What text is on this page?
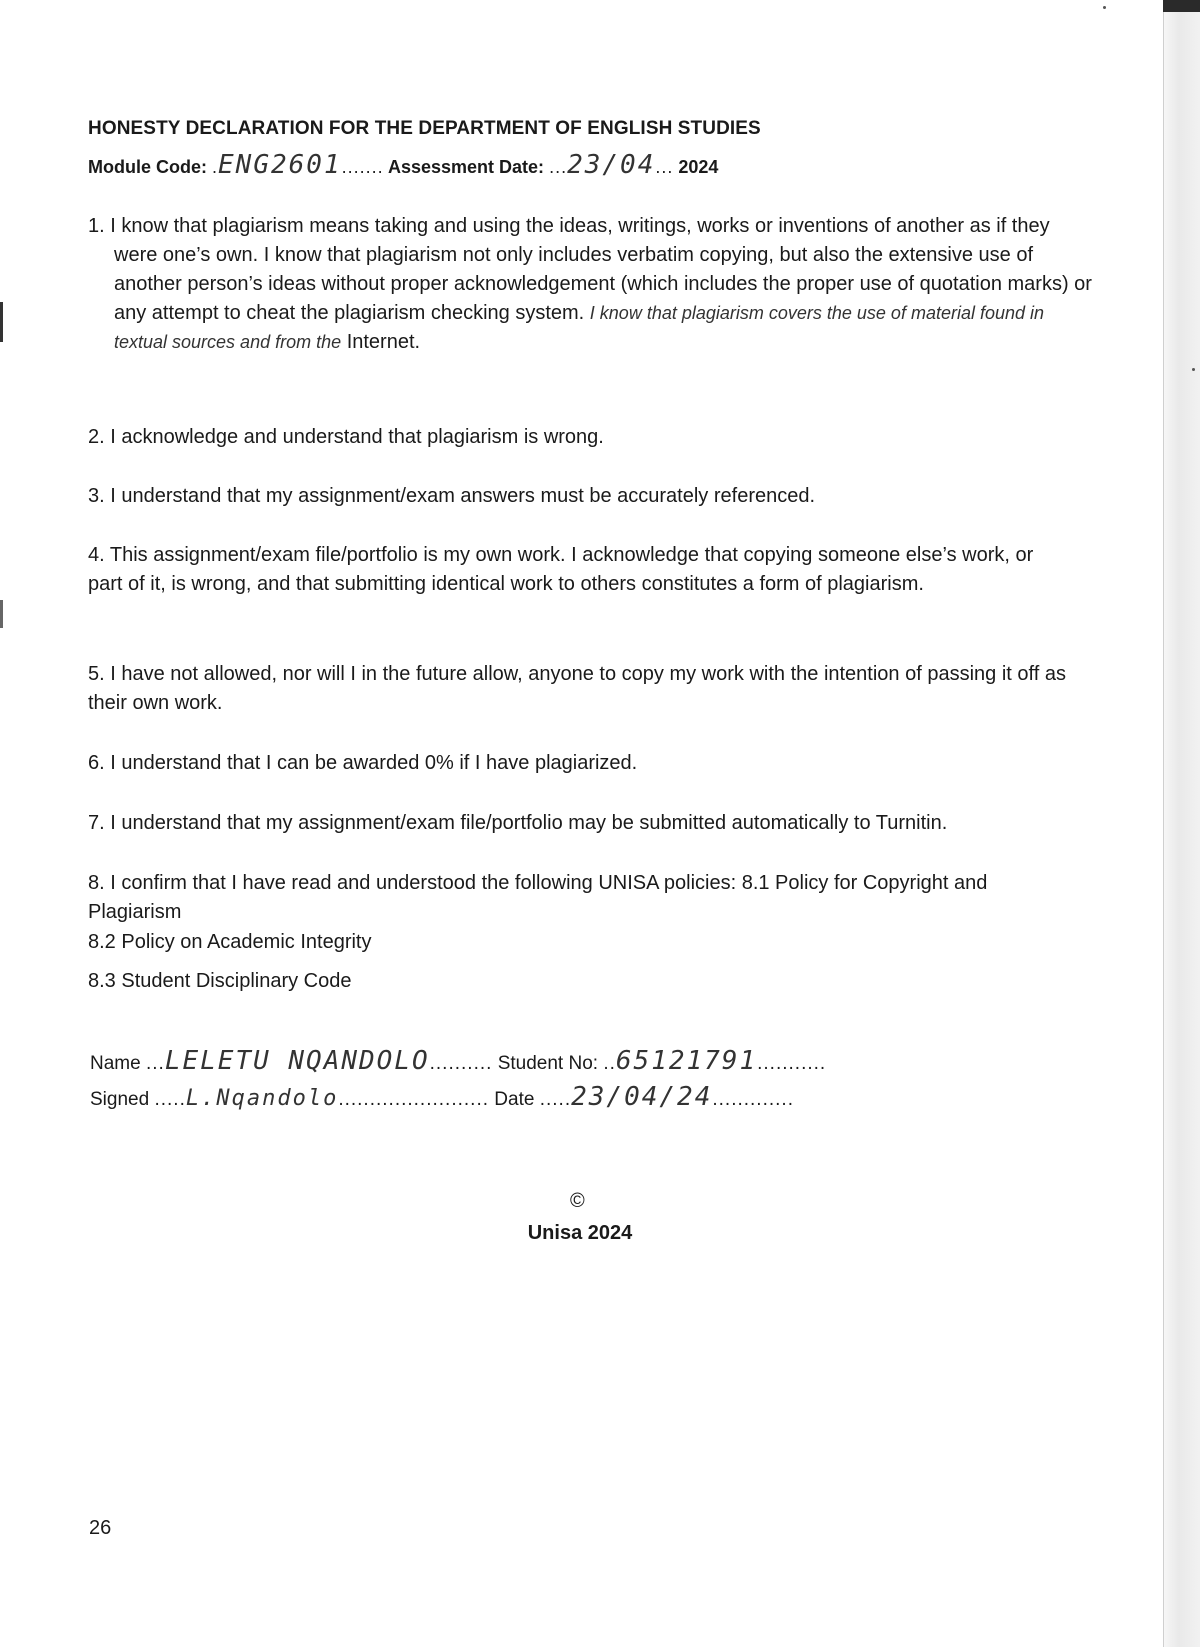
HONESTY DECLARATION FOR THE DEPARTMENT OF ENGLISH STUDIES
Module Code: .ENG2601....... Assessment Date: ...23/04... 2024
1. I know that plagiarism means taking and using the ideas, writings, works or inventions of another as if they were one’s own. I know that plagiarism not only includes verbatim copying, but also the extensive use of another person’s ideas without proper acknowledgement (which includes the proper use of quotation marks) or any attempt to cheat the plagiarism checking system. I know that plagiarism covers the use of material found in textual sources and from the Internet.
2. I acknowledge and understand that plagiarism is wrong.
3. I understand that my assignment/exam answers must be accurately referenced.
4. This assignment/exam file/portfolio is my own work. I acknowledge that copying someone else’s work, or part of it, is wrong, and that submitting identical work to others constitutes a form of plagiarism.
5. I have not allowed, nor will I in the future allow, anyone to copy my work with the intention of passing it off as their own work.
6. I understand that I can be awarded 0% if I have plagiarized.
7. I understand that my assignment/exam file/portfolio may be submitted automatically to Turnitin.
8. I confirm that I have read and understood the following UNISA policies: 8.1 Policy for Copyright and Plagiarism
8.2 Policy on Academic Integrity
8.3 Student Disciplinary Code
Name ...LELETU NQANDOLO.......... Student No: ..65121791...........
Signed .....L.Nqandolo........................ Date .....23/04/24.............
©
Unisa 2024
26
